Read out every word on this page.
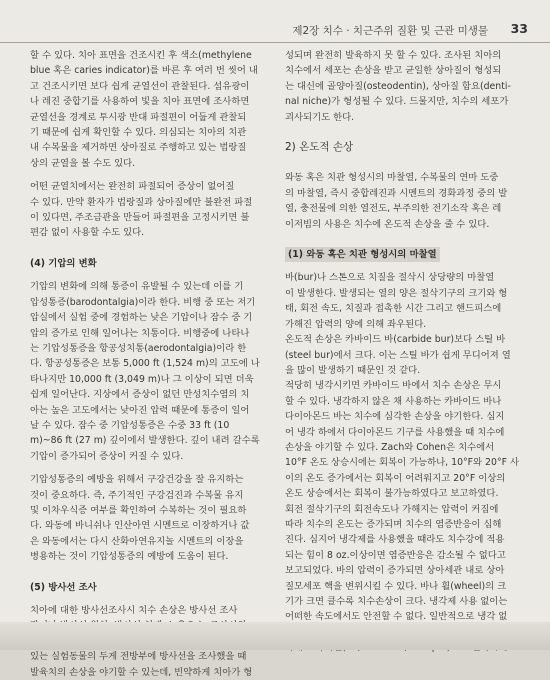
제2장 치수 · 치근주위 질환 및 근관 미생물 33

할 수 있다. 치아 표면을 건조시킨 후 색소(methylene

blue 혹은 caries indicator)를 바른 후 여러 번 씻어 내

고 건조시키면 보다 쉽게 균열선이 관찰된다. 섬유광이

나 레진 중합기를 사용하여 빛을 치아 표면에 조사하면

균열선을 경계로 투시광 반대 파절편이 어둡게 관찰되

기 때문에 쉽게 확인할 수 있다. 의심되는 치아의 치관

내 수복물을 제거하면 상아질로 주행하고 있는 법랑질

상의 균열을 볼 수도 있다.

어떤 균열치에서는 완전히 파절되어 증상이 없어질

수 있다. 만약 환자가 법랑질과 상아질에만 불완전 파절

이 있다면, 주조금관을 만들어 파절편을 고정시키면 불

편감 없이 사용할 수도 있다.

(4) 기압의 변화

기압의 변화에 의해 통증이 유발될 수 있는데 이를 기

압성통증(barodontalgia)이라 한다. 비행 중 또는 저기

압실에서 실험 중에 경험하는 낮은 기압이나 잠수 중 기

압의 증가로 인해 일어나는 치통이다. 비행중에 나타나

는 기압성통증을 항공성치통(aerodontalgia)이라 한

다. 항공성통증은 보통 5,000 ft (1,524 m)의 고도에 나

타나지만 10,000 ft (3,049 m)나 그 이상이 되면 더욱

쉽게 일어난다. 지상에서 증상이 없던 만성치수염의 치

아는 높은 고도에서는 낮아진 압력 때문에 통증이 일어

날 수 있다. 잠수 중 기압성통증은 수중 33 ft (10

m)~86 ft (27 m) 깊이에서 발생한다. 깊이 내려 갈수록

기압이 증가되어 증상이 커질 수 있다.

기압성통증의 예방을 위해서 구강건강을 잘 유지하는

것이 중요하다. 즉, 주기적인 구강검진과 수복물 유지

및 이차우식증 여부를 확인하여 수복하는 것이 필요하

다. 와동에 바니쉬나 인산아연 시멘트로 이장하거나 값

은 와동에서는 다시 산화아연유지놀 시멘트의 이장을

병용하는 것이 기압성통증의 예방에 도움이 된다.

(5) 방사선 조사

치아에 대한 방사선조사시 치수 손상은 방사선 조사

있는 실험동물의 두게 전방부에 방사선을 조사했을 때

발육치의 손상을 야기할 수 있는데, 빈약하게 치아가 형

성되며 완전히 발육하지 못 할 수 있다. 조사된 치아의

치수에서 세포는 손상을 받고 균일한 상아질이 형성되

는 대신에 골양아질(osteodentin), 상아질 함요(denti-

nal niche)가 형성될 수 있다. 드물지만, 치수의 세포가

괴사되기도 한다.

2) 온도적 손상

와동 혹은 치관 형성시의 마찰열, 수복물의 연마 도중

의 마찰열, 즉시 중합레진과 시멘트의 경화과정 중의 발

열, 충전물에 의한 열전도, 부주의한 전기소작 혹은 레

이저빔의 사용은 치수에 온도적 손상을 줄 수 있다.

(1) 와동 혹은 치관 형성시의 마찰열

바(bur)나 스톤으로 치질을 절삭시 상당량의 마찰열

이 발생한다. 발생되는 열의 양은 절삭기구의 크기와 형

태, 회전 속도, 치질과 접촉한 시간 그리고 핸드피스에

가해진 압력의 양에 의해 좌우된다.

온도적 손상은 카바이드 바(carbide bur)보다 스틸 바

(steel bur)에서 크다. 이는 스틸 바가 쉽게 무디어져 열

을 많이 발생하기 때문인 것 같다.

적당히 냉각시키면 카바이드 바에서 치수 손상은 무시

할 수 있다. 냉각하지 않은 채 사용하는 카바이드 바나

다이아몬드 바는 치수에 심각한 손상을 야기한다. 심지

어 냉각 하에서 다이아몬드 기구를 사용했을 때 치수에

손상을 야기할 수 있다. Zach와 Cohen은 치수에서

10°F 온도 상승시에는 회복이 가능하나, 10°F와 20°F 사

이의 온도 증가에서는 회복이 어려워지고 20°F 이상의

온도 상승에서는 회복이 불가능하였다고 보고하였다.

회전 절삭기구의 회전속도나 가해지는 압력이 커짐에

따라 치수의 온도는 증가되며 치수의 염증반응이 심해

진다. 심지어 냉각제를 사용했을 때라도 치수강에 적용

되는 힘이 8 oz.이상이면 염증반응은 감소될 수 없다고

보고되었다. 바의 압력이 증가되면 상아세관 내로 상아

질모세포 핵을 변위시킬 수 있다. 바나 휠(wheel)의 크

기가 크면 클수록 치수손상이 크다. 냉각제 사용 없이는

어떠한 속도에서도 안전할 수 없다. 일반적으로 냉각 없
